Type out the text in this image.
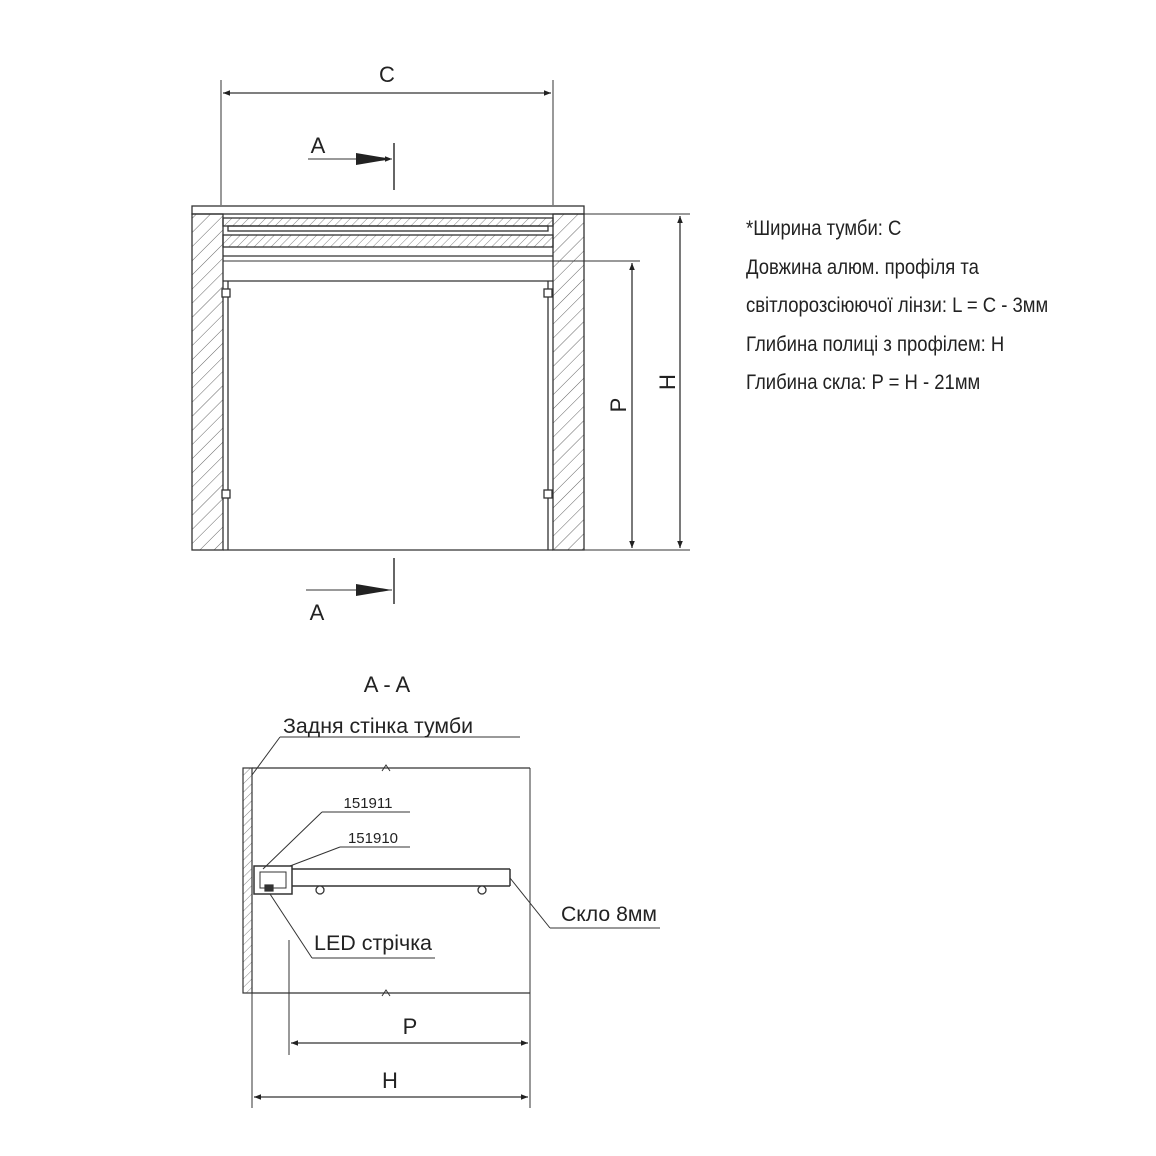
C
A
A
P
H
A - A
Задня стінка тумби
151911
151910
LED стрічка
Скло 8мм
P
H
*Ширина тумби: С
Довжина алюм. профіля та
світлорозсіюючої лінзи: L = C - 3мм
Глибина полиці з профілем: H
Глибина скла: P = H - 21мм
